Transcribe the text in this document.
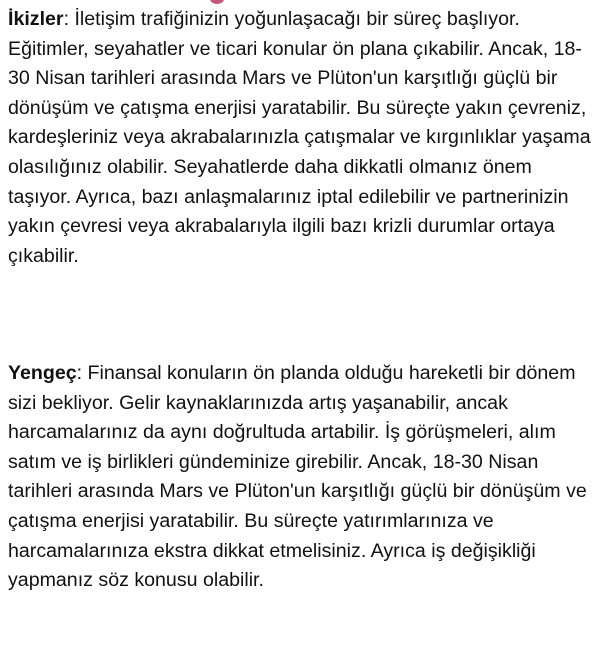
İkizler: İletişim trafiğinizin yoğunlaşacağı bir süreç başlıyor. Eğitimler, seyahatler ve ticari konular ön plana çıkabilir. Ancak, 18-30 Nisan tarihleri arasında Mars ve Plüton'un karşıtlığı güçlü bir dönüşüm ve çatışma enerjisi yaratabilir. Bu süreçte yakın çevreniz, kardeşleriniz veya akrabalarınızla çatışmalar ve kırgınlıklar yaşama olasılığınız olabilir. Seyahatlerde daha dikkatli olmanız önem taşıyor. Ayrıca, bazı anlaşmalarınız iptal edilebilir ve partnerinizin yakın çevresi veya akrabalarıyla ilgili bazı krizli durumlar ortaya çıkabilir.

Yengeç: Finansal konuların ön planda olduğu hareketli bir dönem sizi bekliyor. Gelir kaynaklarınızda artış yaşanabilir, ancak harcamalarınız da aynı doğrultuda artabilir. İş görüşmeleri, alım satım ve iş birlikleri gündeminize girebilir. Ancak, 18-30 Nisan tarihleri arasında Mars ve Plüton'un karşıtlığı güçlü bir dönüşüm ve çatışma enerjisi yaratabilir. Bu süreçte yatırımlarınıza ve harcamalarınıza ekstra dikkat etmelisiniz. Ayrıca iş değişikliği yapmanız söz konusu olabilir.
